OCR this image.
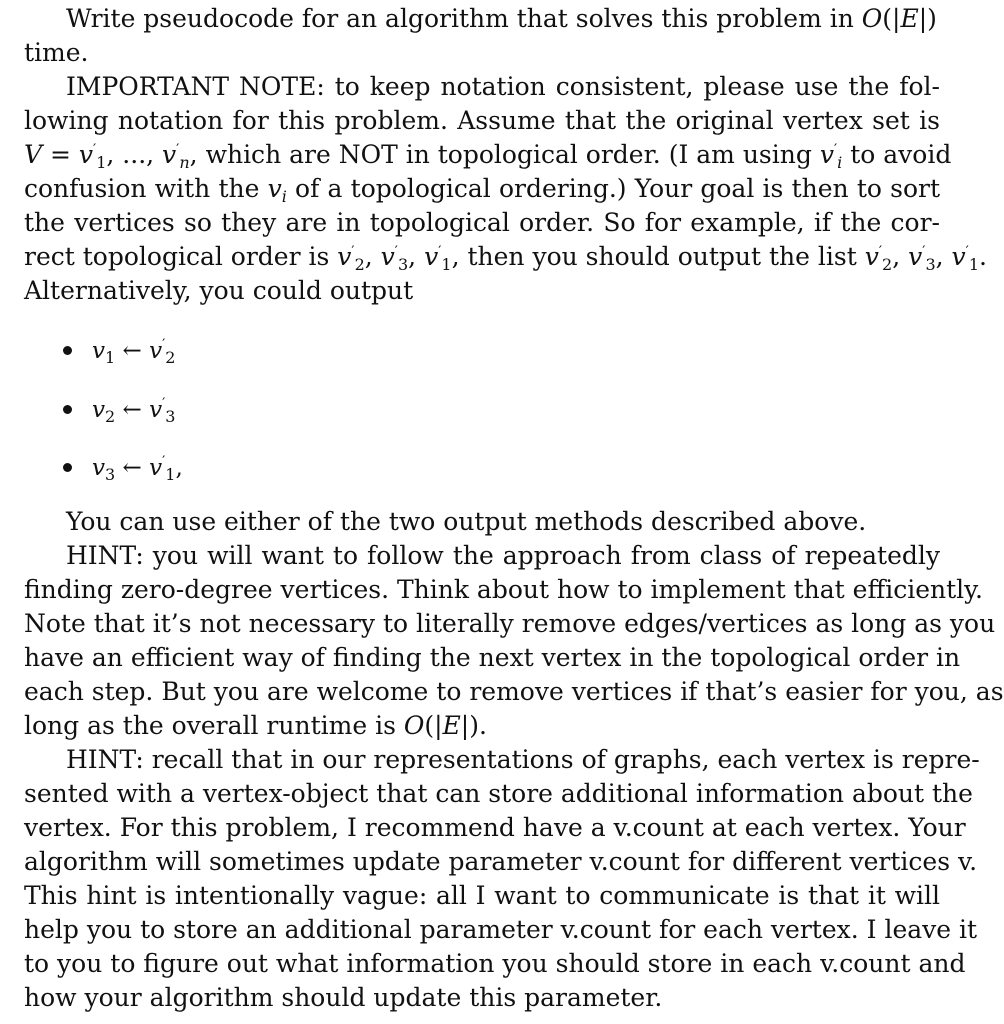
Write pseudocode for an algorithm that solves this problem in O(|E|)
time.
IMPORTANT NOTE: to keep notation consistent, please use the fol-
lowing notation for this problem. Assume that the original vertex set is
$V = v'_1$, ..., $v'_n$, which are NOT in topological order. (I am using $v'_i$ to avoid
confusion with the $v_i$ of a topological ordering.) Your goal is then to sort
the vertices so they are in topological order. So for example, if the cor-
rect topological order is $v'_2$, $v'_3$, $v'_1$, then you should output the list $v'_2$, $v'_3$, $v'_1$.
Alternatively, you could output
$v_1$ ← $v'_2$
$v_2$ ← $v'_3$
$v_3$ ← $v'_1$,
You can use either of the two output methods described above.
HINT: you will want to follow the approach from class of repeatedly
finding zero-degree vertices. Think about how to implement that efficiently.
Note that it’s not necessary to literally remove edges/vertices as long as you
have an efficient way of finding the next vertex in the topological order in
each step. But you are welcome to remove vertices if that’s easier for you, as
long as the overall runtime is O(|E|).
HINT: recall that in our representations of graphs, each vertex is repre-
sented with a vertex-object that can store additional information about the
vertex. For this problem, I recommend have a v.count at each vertex. Your
algorithm will sometimes update parameter v.count for different vertices v.
This hint is intentionally vague: all I want to communicate is that it will
help you to store an additional parameter v.count for each vertex. I leave it
to you to figure out what information you should store in each v.count and
how your algorithm should update this parameter.
